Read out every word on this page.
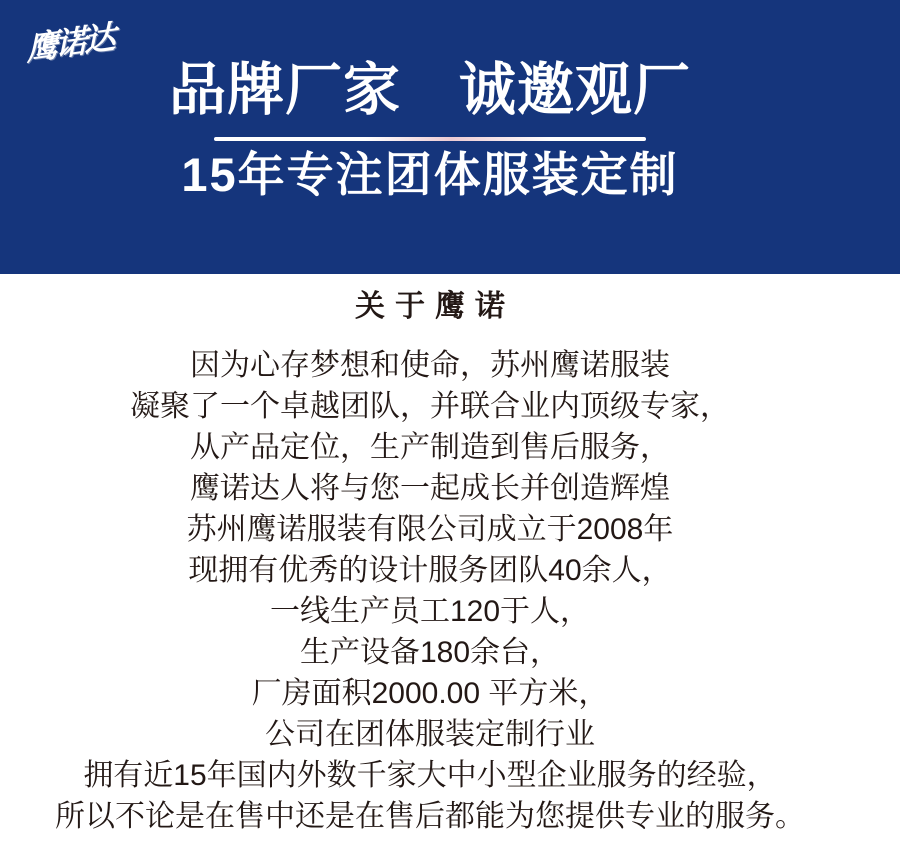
鹰诺达
品牌厂家　诚邀观厂
15年专注团体服装定制
关于鹰诺

因为心存梦想和使命，苏州鹰诺服装

凝聚了一个卓越团队，并联合业内顶级专家，

从产品定位，生产制造到售后服务，

鹰诺达人将与您一起成长并创造辉煌

苏州鹰诺服装有限公司成立于2008年

现拥有优秀的设计服务团队40余人，

一线生产员工120于人，

生产设备180余台，

厂房面积2000.00 平方米，

公司在团体服装定制行业

拥有近15年国内外数千家大中小型企业服务的经验，

所以不论是在售中还是在售后都能为您提供专业的服务。
